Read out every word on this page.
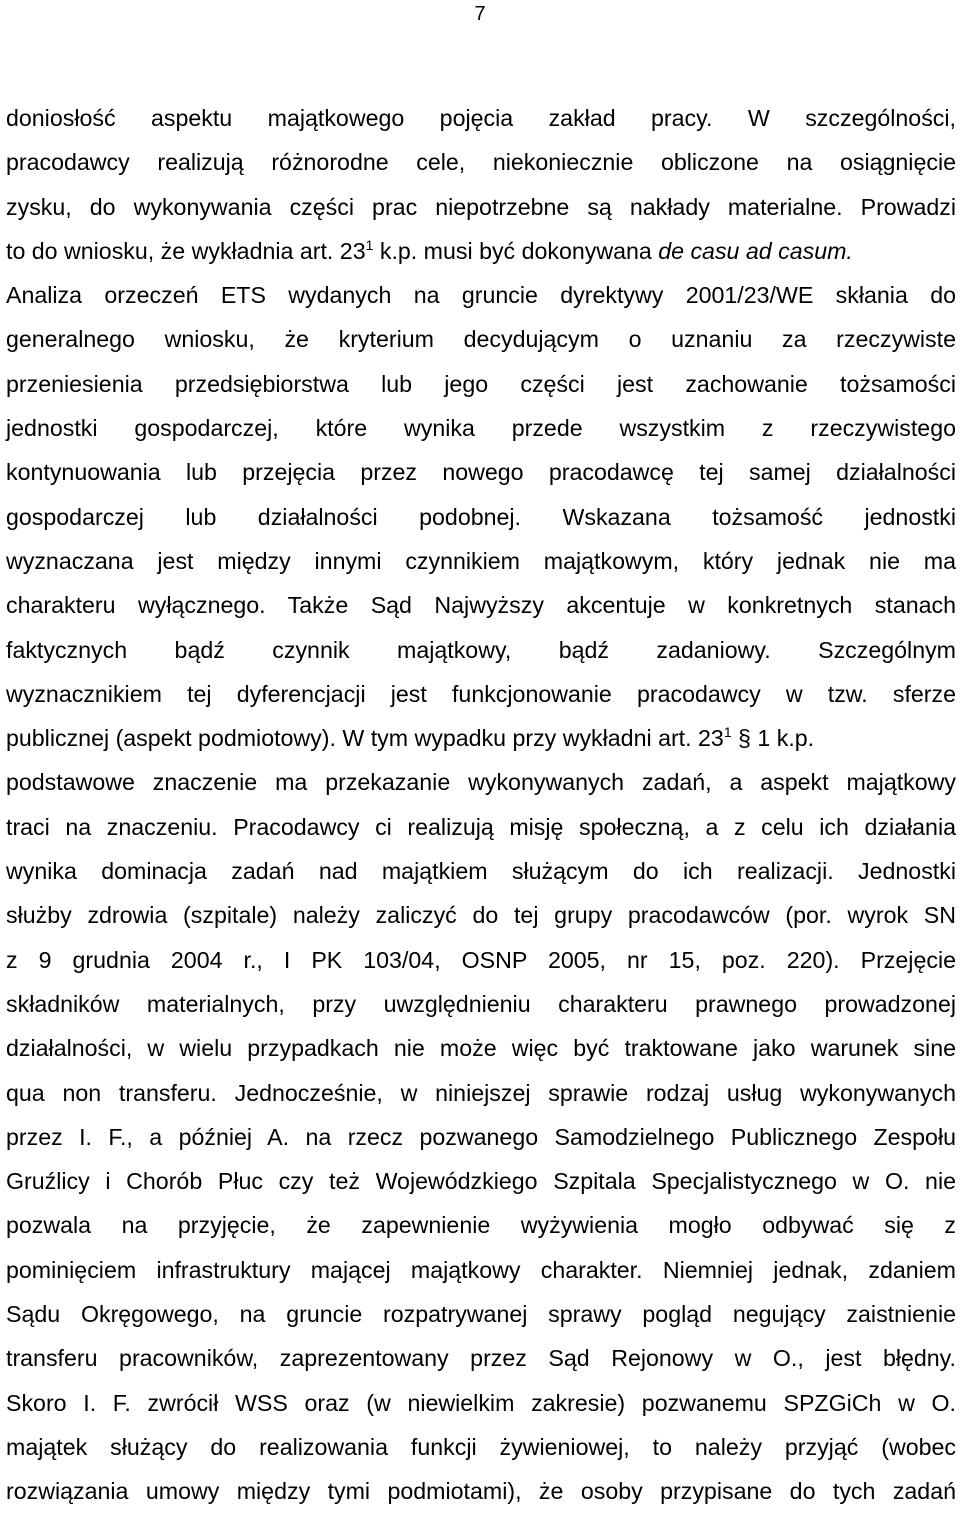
7
doniosłość aspektu majątkowego pojęcia zakład pracy. W szczególności,
pracodawcy realizują różnorodne cele, niekoniecznie obliczone na osiągnięcie
zysku, do wykonywania części prac niepotrzebne są nakłady materialne. Prowadzi
to do wniosku, że wykładnia art. $23^1$ k.p. musi być dokonywana de casu ad casum.
Analiza orzeczeń ETS wydanych na gruncie dyrektywy 2001/23/WE skłania do
generalnego wniosku, że kryterium decydującym o uznaniu za rzeczywiste
przeniesienia przedsiębiorstwa lub jego części jest zachowanie tożsamości
jednostki gospodarczej, które wynika przede wszystkim z rzeczywistego
kontynuowania lub przejęcia przez nowego pracodawcę tej samej działalności
gospodarczej lub działalności podobnej. Wskazana tożsamość jednostki
wyznaczana jest między innymi czynnikiem majątkowym, który jednak nie ma
charakteru wyłącznego. Także Sąd Najwyższy akcentuje w konkretnych stanach
faktycznych bądź czynnik majątkowy, bądź zadaniowy. Szczególnym
wyznacznikiem tej dyferencjacji jest funkcjonowanie pracodawcy w tzw. sferze
publicznej (aspekt podmiotowy). W tym wypadku przy wykładni art. $23^1$ § 1 k.p.
podstawowe znaczenie ma przekazanie wykonywanych zadań, a aspekt majątkowy
traci na znaczeniu. Pracodawcy ci realizują misję społeczną, a z celu ich działania
wynika dominacja zadań nad majątkiem służącym do ich realizacji. Jednostki
służby zdrowia (szpitale) należy zaliczyć do tej grupy pracodawców (por. wyrok SN
z 9 grudnia 2004 r., I PK 103/04, OSNP 2005, nr 15, poz. 220). Przejęcie
składników materialnych, przy uwzględnieniu charakteru prawnego prowadzonej
działalności, w wielu przypadkach nie może więc być traktowane jako warunek sine
qua non transferu. Jednocześnie, w niniejszej sprawie rodzaj usług wykonywanych
przez I. F., a później A. na rzecz pozwanego Samodzielnego Publicznego Zespołu
Gruźlicy i Chorób Płuc czy też Wojewódzkiego Szpitala Specjalistycznego w O. nie
pozwala na przyjęcie, że zapewnienie wyżywienia mogło odbywać się z
pominięciem infrastruktury mającej majątkowy charakter. Niemniej jednak, zdaniem
Sądu Okręgowego, na gruncie rozpatrywanej sprawy pogląd negujący zaistnienie
transferu pracowników, zaprezentowany przez Sąd Rejonowy w O., jest błędny.
Skoro I. F. zwrócił WSS oraz (w niewielkim zakresie) pozwanemu SPZGiCh w O.
majątek służący do realizowania funkcji żywieniowej, to należy przyjąć (wobec
rozwiązania umowy między tymi podmiotami), że osoby przypisane do tych zadań
